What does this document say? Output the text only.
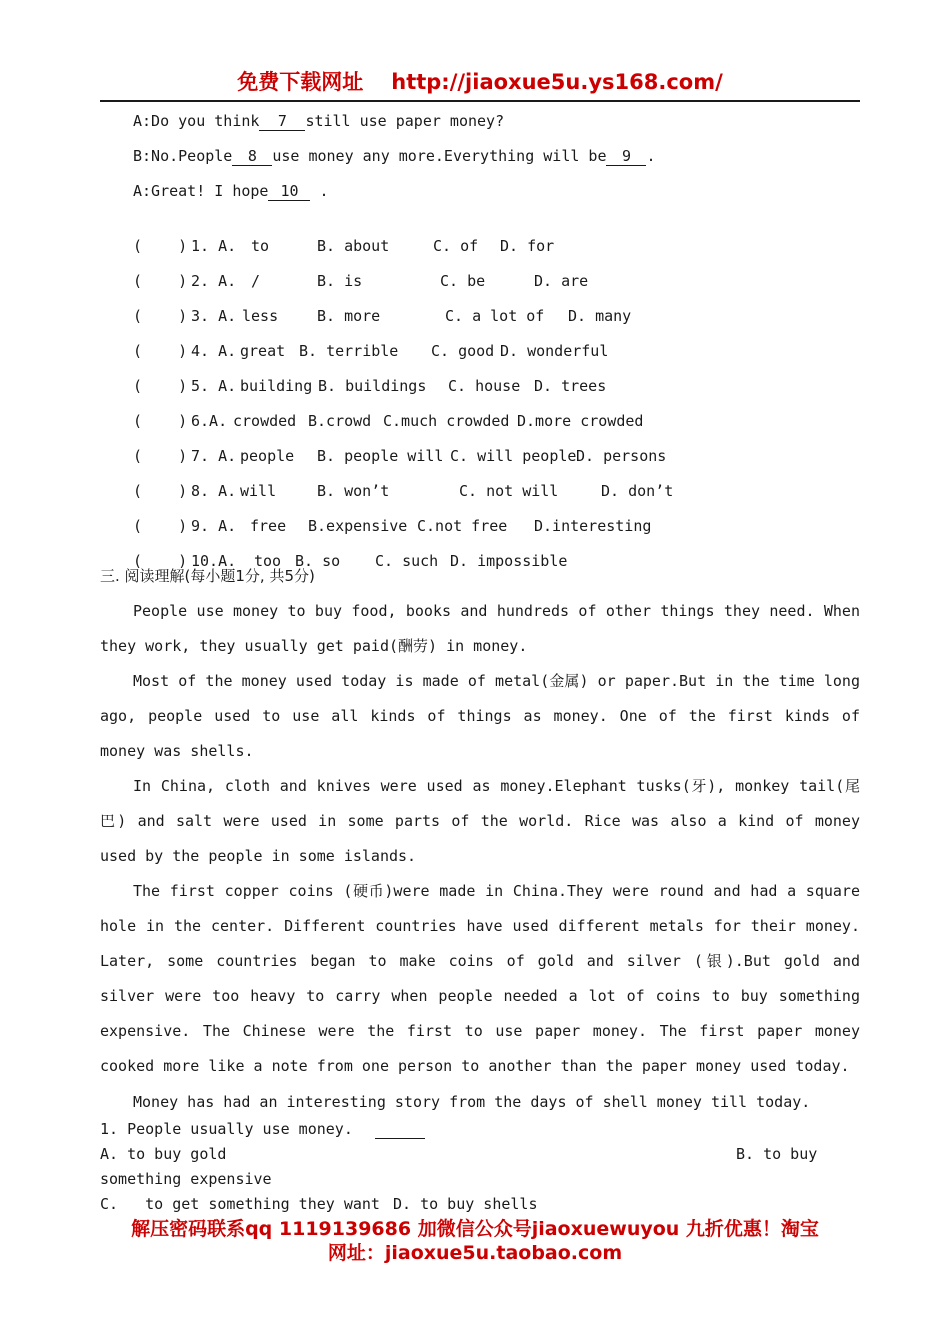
免费下载网址 http://jiaoxue5u.ys168.com/
A:Do you think 7 still use paper money?
B:No.People 8 use money any more.Everything will be 9 .
A:Great! I hope 10 .

(    ) 1. A. to	B. about	C. of D. for

(    ) 2. A. /	B. is	C. be	D. are

(    ) 3. A. less	B. more	C. a lot of D. many

(    ) 4. A. great B. terrible C. good D. wonderful

(    ) 5. A. building B. buildings C. house D. trees

(    ) 6.A. crowded B.crowd C.much crowded D.more crowded

(    ) 7. A. people B. people will C. will people D. persons

(    ) 8. A. will	B. won’t	C. not will	D. don’t

(    ) 9. A. free B.expensive C.not free D.interesting

(    ) 10.A. too B. so C. such D. impossible

三. 阅读理解(每小题1分, 共5分)
People use money to buy food, books and hundreds of other things they need. When they work, they usually get paid(酬劳) in money.
Most of the money used today is made of metal(金属) or paper.But in the time long ago, people used to use all kinds of things as money. One of the first kinds of money was shells.
In China, cloth and knives were used as money.Elephant tusks(牙), monkey tail(尾巴) and salt were used in some parts of the world. Rice was also a kind of money used by the people in some islands.
The first copper coins (硬币)were made in China.They were round and had a square hole in the center. Different countries have used different metals for their money. Later, some countries began to make coins of gold and silver (银).But gold and silver were too heavy to carry when people needed a lot of coins to buy something expensive. The Chinese were the first to use paper money. The first paper money cooked more like a note from one person to another than the paper money used today.
Money has had an interesting story from the days of shell money till today.
1. People usually use money.
A. to buy gold	B. to buy
something expensive
C.   to get something they want D. to buy shells
解压密码联系qq 1119139686 加微信公众号jiaoxuewuyou 九折优惠！淘宝
网址：jiaoxue5u.taobao.com
